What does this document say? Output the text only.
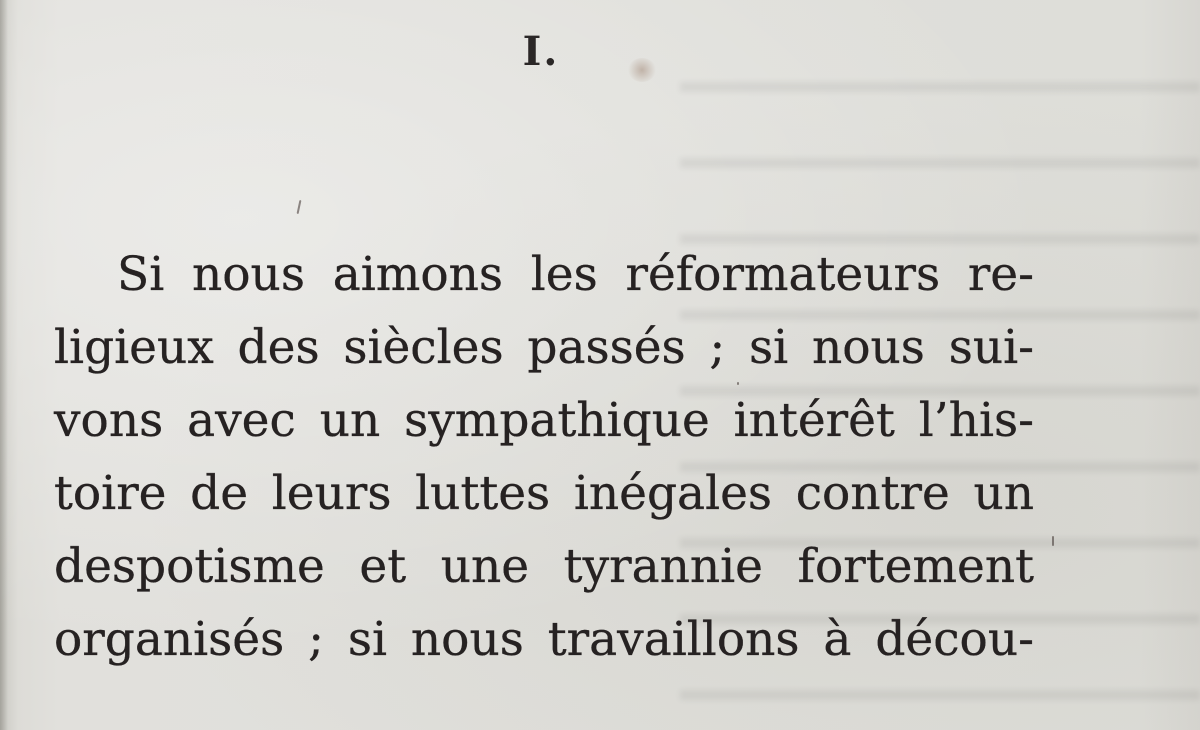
I.
Si nous aimons les réformateurs re-
ligieux des siècles passés ; si nous sui-
vons avec un sympathique intérêt l’his-
toire de leurs luttes inégales contre un
despotisme et une tyrannie fortement
organisés ; si nous travaillons à décou-
